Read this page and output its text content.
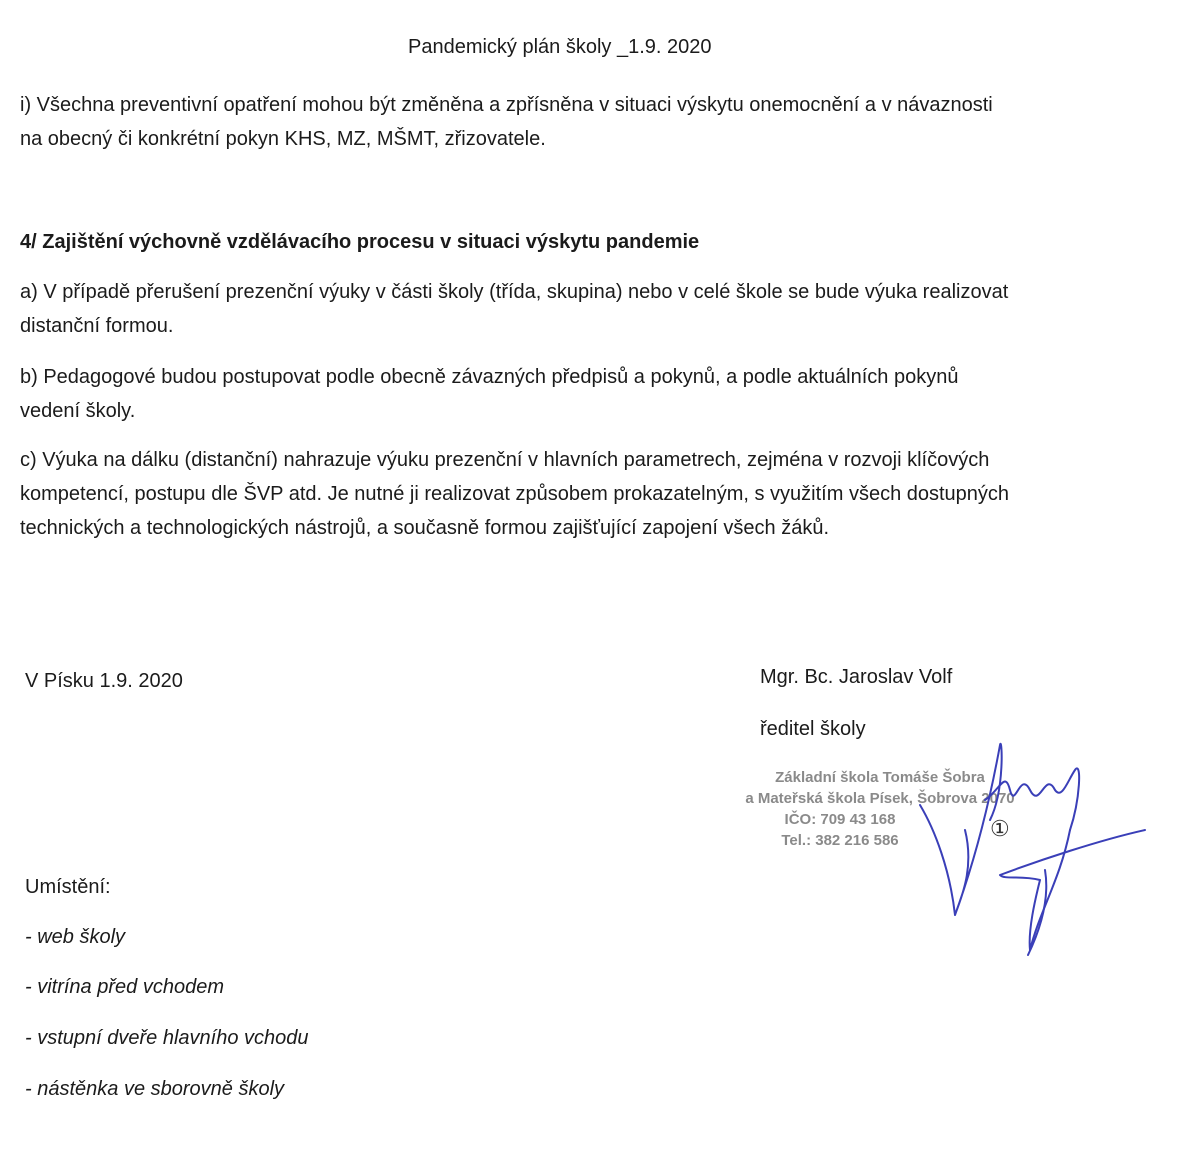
Pandemický plán školy _1.9. 2020

i) Všechna preventivní opatření mohou být změněna a zpřísněna v situaci výskytu onemocnění a v návaznosti
na obecný či konkrétní pokyn KHS, MZ, MŠMT, zřizovatele.

4/ Zajištění výchovně vzdělávacího procesu v situaci výskytu pandemie

a) V případě přerušení prezenční výuky v části školy (třída, skupina) nebo v celé škole se bude výuka realizovat
distanční formou.

b) Pedagogové budou postupovat podle obecně závazných předpisů a pokynů, a podle aktuálních pokynů
vedení školy.

c) Výuka na dálku (distanční) nahrazuje výuku prezenční v hlavních parametrech, zejména v rozvoji klíčových
kompetencí, postupu dle ŠVP atd. Je nutné ji realizovat způsobem prokazatelným, s využitím všech dostupných
technických a technologických nástrojů, a současně formou zajišťující zapojení všech žáků.

V Písku 1.9. 2020	Mgr. Bc. Jaroslav Volf

ředitel školy

Základní škola Tomáše Šobra
a Mateřská škola Písek, Šobrova 2070
IČO: 709 43 168
Tel.: 382 216 586	①

Umístění:

- web školy

- vitrína před vchodem

- vstupní dveře hlavního vchodu

- nástěnka ve sborovně školy
